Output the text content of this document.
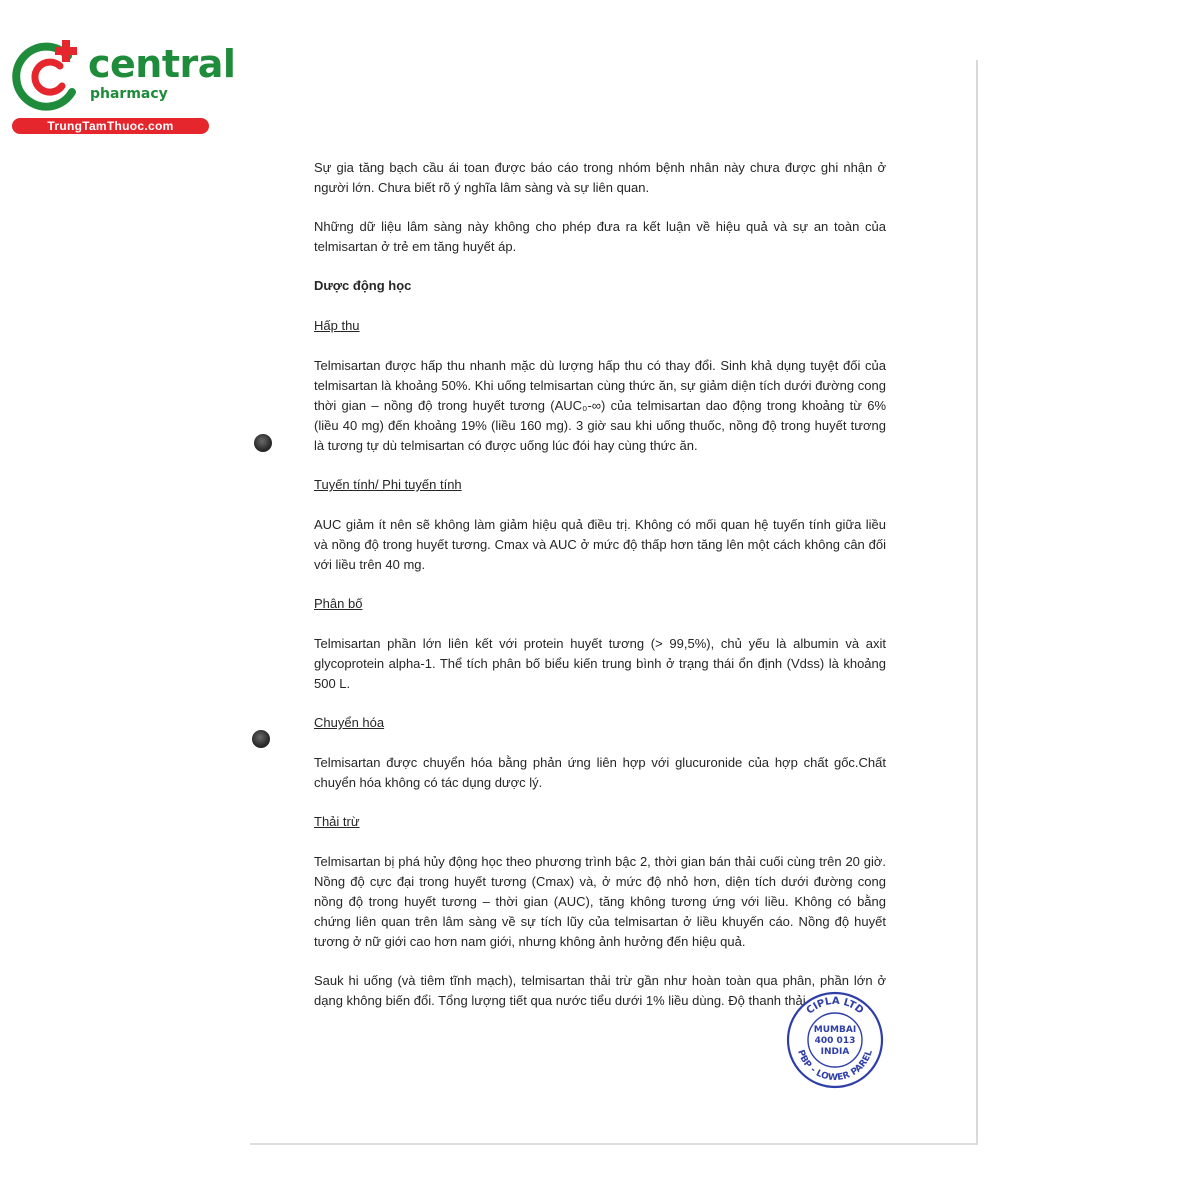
central
pharmacy
TrungTamThuoc.com

Sự gia tăng bạch cầu ái toan được báo cáo trong nhóm bệnh nhân này chưa được ghi nhận ở người lớn. Chưa biết rõ ý nghĩa lâm sàng và sự liên quan.

Những dữ liệu lâm sàng này không cho phép đưa ra kết luận về hiệu quả và sự an toàn của telmisartan ở trẻ em tăng huyết áp.

Dược động học

Hấp thu

Telmisartan được hấp thu nhanh mặc dù lượng hấp thu có thay đổi. Sinh khả dụng tuyệt đối của telmisartan là khoảng 50%. Khi uống telmisartan cùng thức ăn, sự giảm diện tích dưới đường cong thời gian – nồng độ trong huyết tương (AUC₀-∞) của telmisartan dao động trong khoảng từ 6% (liều 40 mg) đến khoảng 19% (liều 160 mg). 3 giờ sau khi uống thuốc, nồng độ trong huyết tương là tương tự dù telmisartan có được uống lúc đói hay cùng thức ăn.

Tuyến tính/ Phi tuyến tính

AUC giảm ít nên sẽ không làm giảm hiệu quả điều trị. Không có mối quan hệ tuyến tính giữa liều và nồng độ trong huyết tương. Cmax và AUC ở mức độ thấp hơn tăng lên một cách không cân đối với liều trên 40 mg.

Phân bố

Telmisartan phần lớn liên kết với protein huyết tương (> 99,5%), chủ yếu là albumin và axit glycoprotein alpha-1. Thể tích phân bố biểu kiến trung bình ở trạng thái ổn định (Vdss) là khoảng 500 L.

Chuyển hóa

Telmisartan được chuyển hóa bằng phản ứng liên hợp với glucuronide của hợp chất gốc.Chất chuyển hóa không có tác dụng dược lý.

Thải trừ

Telmisartan bị phá hủy động học theo phương trình bậc 2, thời gian bán thải cuối cùng trên 20 giờ. Nồng độ cực đại trong huyết tương (Cmax) và, ở mức độ nhỏ hơn, diện tích dưới đường cong nồng độ trong huyết tương – thời gian (AUC), tăng không tương ứng với liều. Không có bằng chứng liên quan trên lâm sàng về sự tích lũy của telmisartan ở liều khuyến cáo. Nồng độ huyết tương ở nữ giới cao hơn nam giới, nhưng không ảnh hưởng đến hiệu quả.

Sauk hi uống (và tiêm tĩnh mạch), telmisartan thải trừ gần như hoàn toàn qua phân, phần lớn ở dạng không biến đổi. Tổng lượng tiết qua nước tiểu dưới 1% liều dùng. Độ thanh thải

CIPLA LTD
PBP - LOWER PAREL
MUMBAI
400 013
INDIA
